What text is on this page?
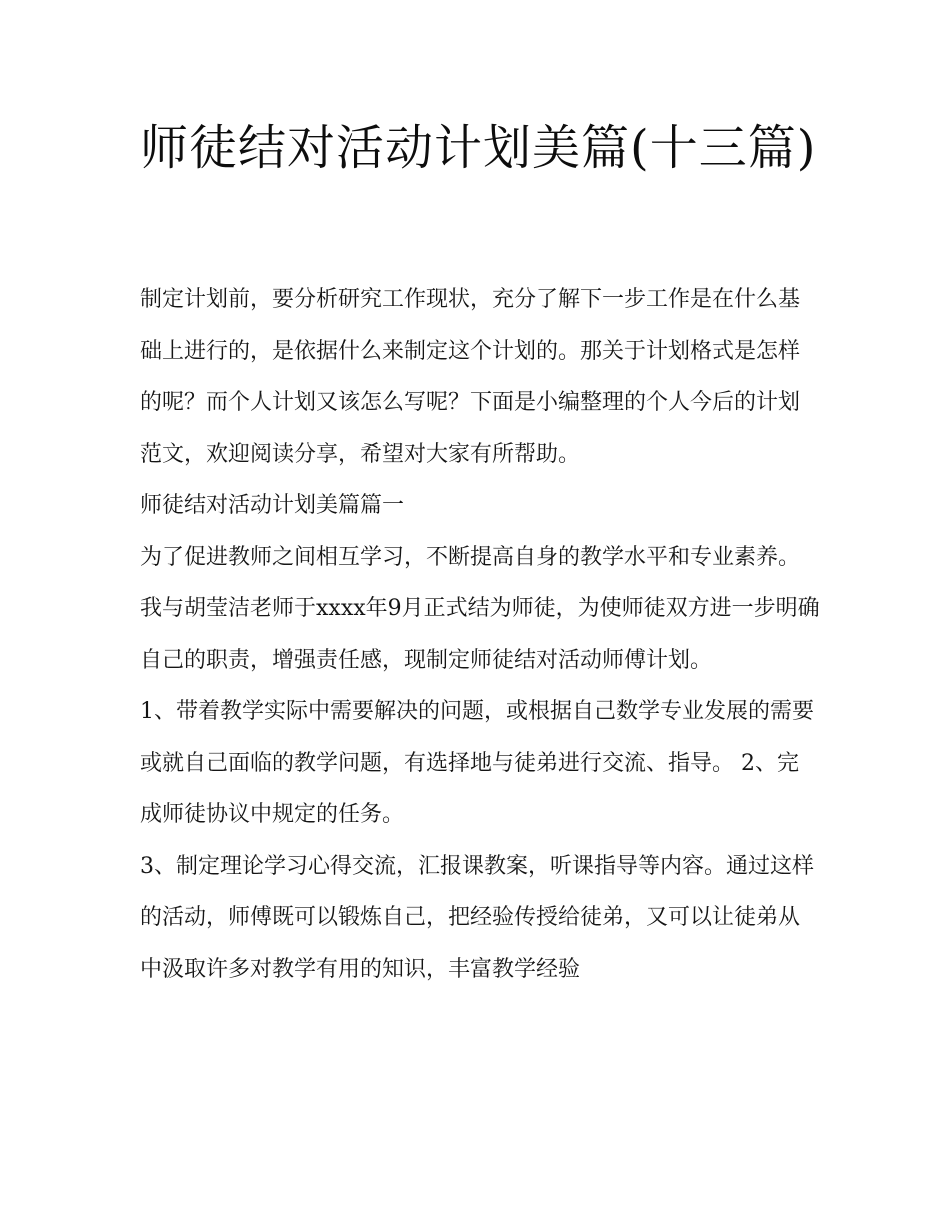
师徒结对活动计划美篇(十三篇)

制定计划前，要分析研究工作现状，充分了解下一步工作是在什么基础上进行的，是依据什么来制定这个计划的。那关于计划格式是怎样的呢？而个人计划又该怎么写呢？下面是小编整理的个人今后的计划范文，欢迎阅读分享，希望对大家有所帮助。

师徒结对活动计划美篇篇一

为了促进教师之间相互学习，不断提高自身的教学水平和专业素养。我与胡莹洁老师于xxxx年9月正式结为师徒，为使师徒双方进一步明确自己的职责，增强责任感，现制定师徒结对活动师傅计划。

1、带着教学实际中需要解决的问题，或根据自己数学专业发展的需要或就自己面临的教学问题，有选择地与徒弟进行交流、指导。 2、完成师徒协议中规定的任务。

3、制定理论学习心得交流，汇报课教案，听课指导等内容。通过这样的活动，师傅既可以锻炼自己，把经验传授给徒弟，又可以让徒弟从中汲取许多对教学有用的知识，丰富教学经验
